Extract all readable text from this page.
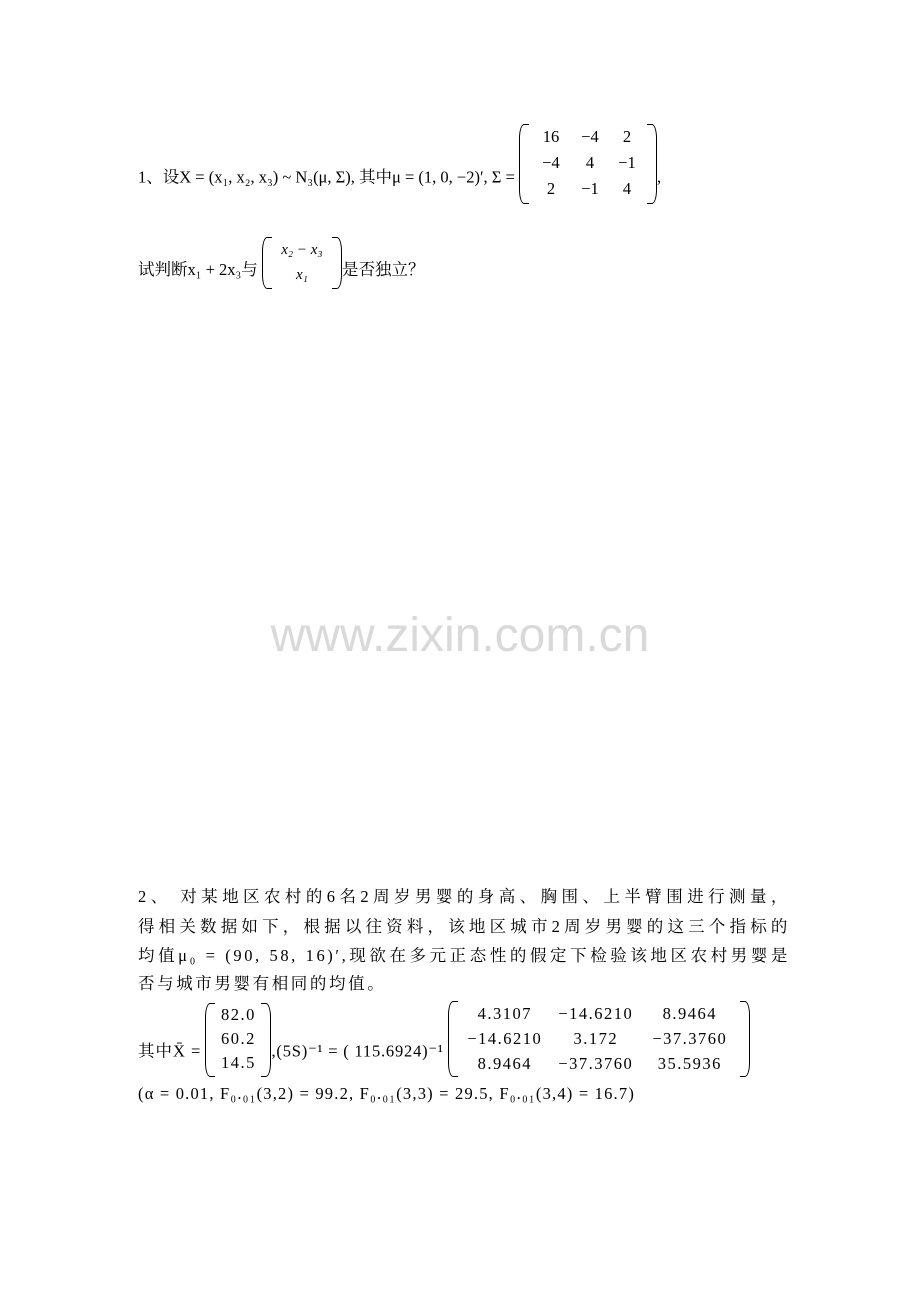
1、设X = (x₁, x₂, x₃) ~ N₃(μ, Σ), 其中μ = (1, 0, −2)′, Σ =
16 −4 2
−4 4 −1
2 −1 4
,
试判断x₁ + 2x₃与
x₂ − x₃
x₁ 是否独立？
www.zixin.com.cn
2、 对某地区农村的6名2周岁男婴的身高、胸围、上半臂围进行测量，
得相关数据如下，根据以往资料，该地区城市2周岁男婴的这三个指标的
均值μ₀ = (90, 58, 16)′,现欲在多元正态性的假定下检验该地区农村男婴是
否与城市男婴有相同的均值。
其中X̄ =
82.0
60.2
14.5
,(5S)⁻¹ = ( 115.6924)⁻¹
4.3107 −14.6210 8.9464
−14.6210 3.172 −37.3760
8.9464 −37.3760 35.5936
(α = 0.01, F₀.₀₁(3,2) = 99.2, F₀.₀₁(3,3) = 29.5, F₀.₀₁(3,4) = 16.7)
